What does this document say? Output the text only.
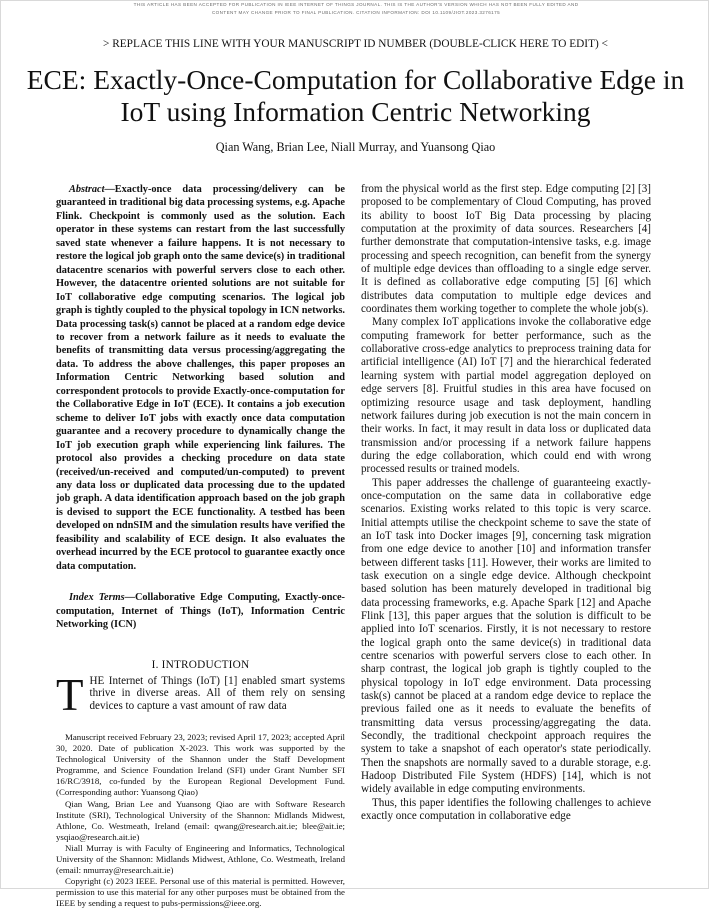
THIS ARTICLE HAS BEEN ACCEPTED FOR PUBLICATION IN IEEE INTERNET OF THINGS JOURNAL. THIS IS THE AUTHOR'S VERSION WHICH HAS NOT BEEN FULLY EDITED AND
CONTENT MAY CHANGE PRIOR TO FINAL PUBLICATION. CITATION INFORMATION: DOI 10.1109/JIOT.2023.3276175
> REPLACE THIS LINE WITH YOUR MANUSCRIPT ID NUMBER (DOUBLE-CLICK HERE TO EDIT) <
ECE: Exactly-Once-Computation for Collaborative Edge in IoT using Information Centric Networking
Qian Wang, Brian Lee, Niall Murray, and Yuansong Qiao

Abstract—Exactly-once data processing/delivery can be guaranteed in traditional big data processing systems, e.g. Apache Flink. Checkpoint is commonly used as the solution. Each operator in these systems can restart from the last successfully saved state whenever a failure happens. It is not necessary to restore the logical job graph onto the same device(s) in traditional datacentre scenarios with powerful servers close to each other. However, the datacentre oriented solutions are not suitable for IoT collaborative edge computing scenarios. The logical job graph is tightly coupled to the physical topology in ICN networks. Data processing task(s) cannot be placed at a random edge device to recover from a network failure as it needs to evaluate the benefits of transmitting data versus processing/aggregating the data. To address the above challenges, this paper proposes an Information Centric Networking based solution and correspondent protocols to provide Exactly-once-computation for the Collaborative Edge in IoT (ECE). It contains a job execution scheme to deliver IoT jobs with exactly once data computation guarantee and a recovery procedure to dynamically change the IoT job execution graph while experiencing link failures. The protocol also provides a checking procedure on data state (received/un-received and computed/un-computed) to prevent any data loss or duplicated data processing due to the updated job graph. A data identification approach based on the job graph is devised to support the ECE functionality. A testbed has been developed on ndnSIM and the simulation results have verified the feasibility and scalability of ECE design. It also evaluates the overhead incurred by the ECE protocol to guarantee exactly once data computation.

Index Terms—Collaborative Edge Computing, Exactly-once-computation, Internet of Things (IoT), Information Centric Networking (ICN)

I. INTRODUCTION

THE Internet of Things (IoT) [1] enabled smart systems thrive in diverse areas. All of them rely on sensing devices to capture a vast amount of raw data

Manuscript received February 23, 2023; revised April 17, 2023; accepted April 30, 2020. Date of publication X-2023. This work was supported by the Technological University of the Shannon under the Staff Development Programme, and Science Foundation Ireland (SFI) under Grant Number SFI 16/RC/3918, co-funded by the European Regional Development Fund. (Corresponding author: Yuansong Qiao)

Qian Wang, Brian Lee and Yuansong Qiao are with Software Research Institute (SRI), Technological University of the Shannon: Midlands Midwest, Athlone, Co. Westmeath, Ireland (email: qwang@research.ait.ie; blee@ait.ie; ysqiao@research.ait.ie)

Niall Murray is with Faculty of Engineering and Informatics, Technological University of the Shannon: Midlands Midwest, Athlone, Co. Westmeath, Ireland (email: nmurray@research.ait.ie)

Copyright (c) 2023 IEEE. Personal use of this material is permitted. However, permission to use this material for any other purposes must be obtained from the IEEE by sending a request to pubs-permissions@ieee.org.

from the physical world as the first step. Edge computing [2] [3] proposed to be complementary of Cloud Computing, has proved its ability to boost IoT Big Data processing by placing computation at the proximity of data sources. Researchers [4] further demonstrate that computation-intensive tasks, e.g. image processing and speech recognition, can benefit from the synergy of multiple edge devices than offloading to a single edge server. It is defined as collaborative edge computing [5] [6] which distributes data computation to multiple edge devices and coordinates them working together to complete the whole job(s).

Many complex IoT applications invoke the collaborative edge computing framework for better performance, such as the collaborative cross-edge analytics to preprocess training data for artificial intelligence (AI) IoT [7] and the hierarchical federated learning system with partial model aggregation deployed on edge servers [8]. Fruitful studies in this area have focused on optimizing resource usage and task deployment, handling network failures during job execution is not the main concern in their works. In fact, it may result in data loss or duplicated data transmission and/or processing if a network failure happens during the edge collaboration, which could end with wrong processed results or trained models.

This paper addresses the challenge of guaranteeing exactly-once-computation on the same data in collaborative edge scenarios. Existing works related to this topic is very scarce. Initial attempts utilise the checkpoint scheme to save the state of an IoT task into Docker images [9], concerning task migration from one edge device to another [10] and information transfer between different tasks [11]. However, their works are limited to task execution on a single edge device. Although checkpoint based solution has been maturely developed in traditional big data processing frameworks, e.g. Apache Spark [12] and Apache Flink [13], this paper argues that the solution is difficult to be applied into IoT scenarios. Firstly, it is not necessary to restore the logical graph onto the same device(s) in traditional data centre scenarios with powerful servers close to each other. In sharp contrast, the logical job graph is tightly coupled to the physical topology in IoT edge environment. Data processing task(s) cannot be placed at a random edge device to replace the previous failed one as it needs to evaluate the benefits of transmitting data versus processing/aggregating the data. Secondly, the traditional checkpoint approach requires the system to take a snapshot of each operator's state periodically. Then the snapshots are normally saved to a durable storage, e.g. Hadoop Distributed File System (HDFS) [14], which is not widely available in edge computing environments.

Thus, this paper identifies the following challenges to achieve exactly once computation in collaborative edge
